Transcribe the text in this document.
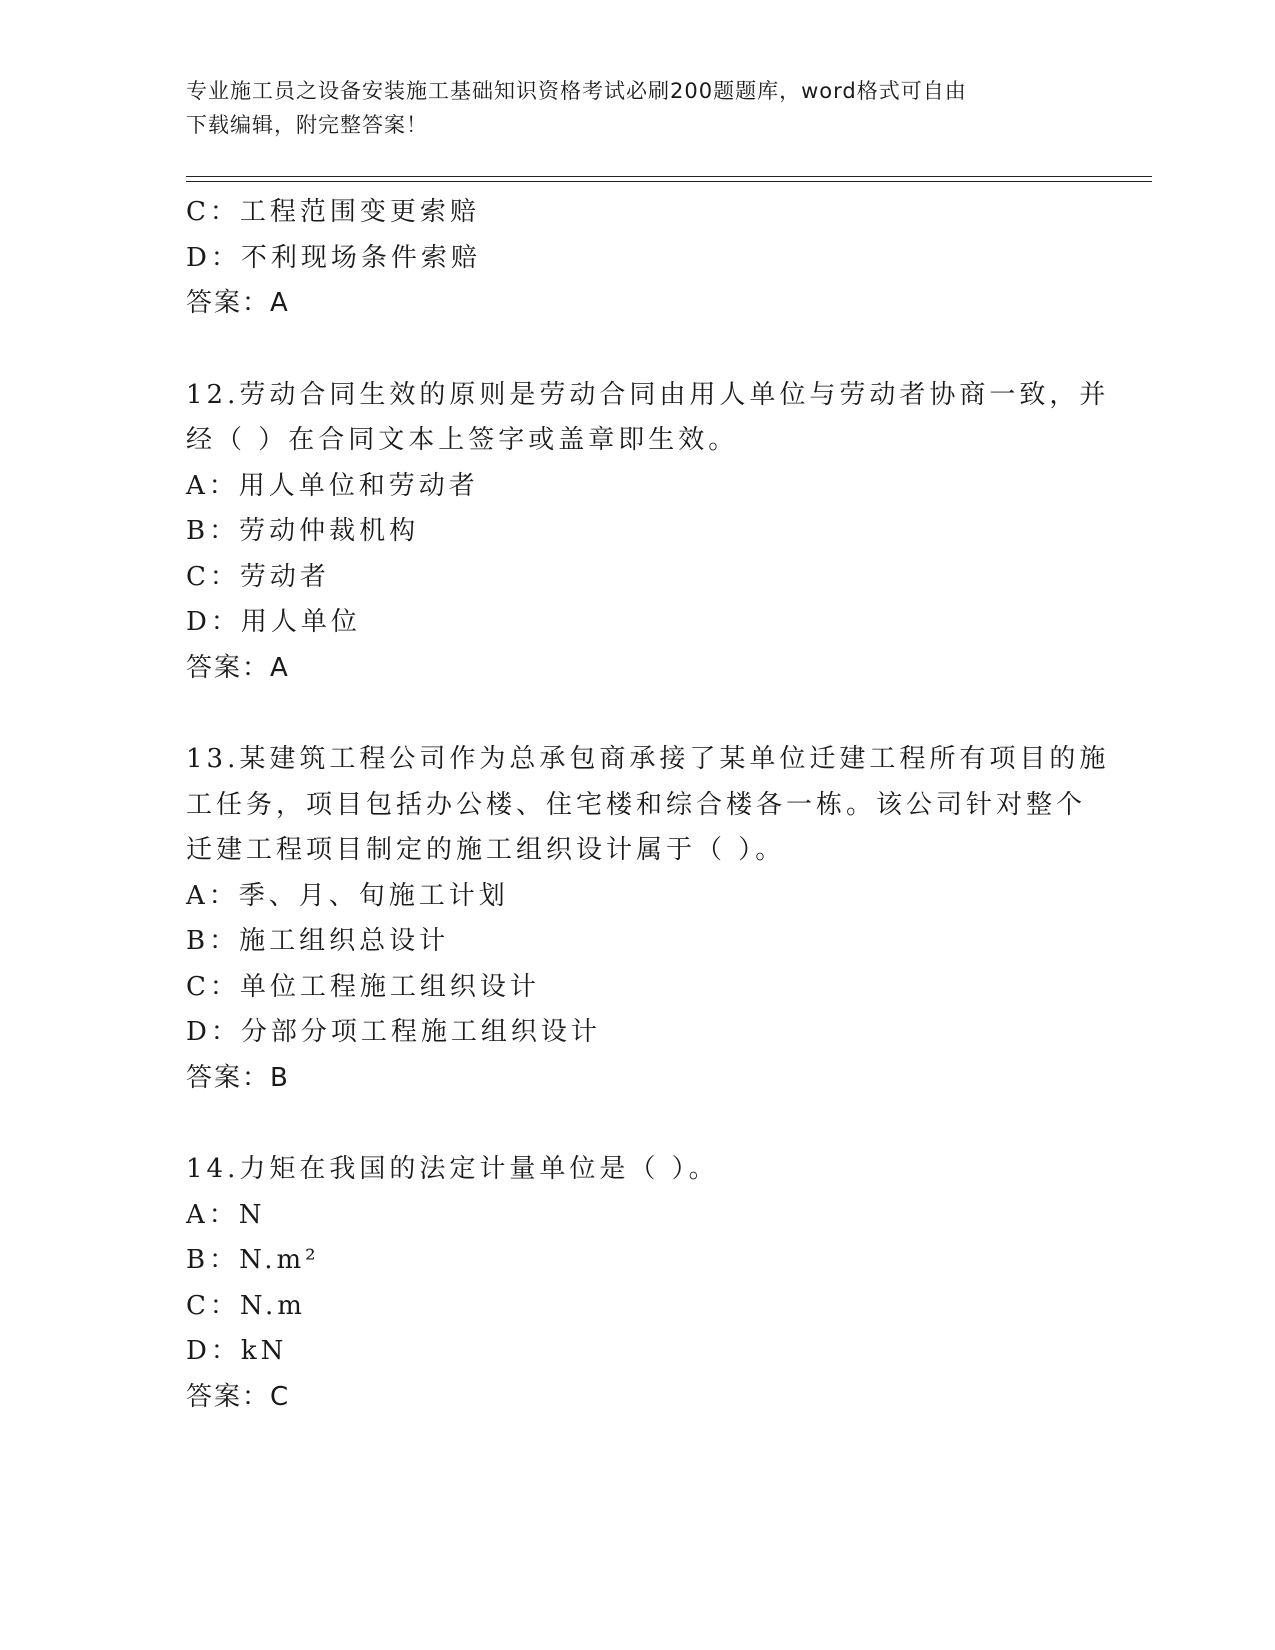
专业施工员之设备安装施工基础知识资格考试必刷200题题库，word格式可自由
下载编辑，附完整答案！
C：工程范围变更索赔
D：不利现场条件索赔
答案：A
12.劳动合同生效的原则是劳动合同由用人单位与劳动者协商一致，并
经（ ）在合同文本上签字或盖章即生效。
A：用人单位和劳动者
B：劳动仲裁机构
C：劳动者
D：用人单位
答案：A
13.某建筑工程公司作为总承包商承接了某单位迁建工程所有项目的施
工任务，项目包括办公楼、住宅楼和综合楼各一栋。该公司针对整个
迁建工程项目制定的施工组织设计属于（ ）。
A：季、月、旬施工计划
B：施工组织总设计
C：单位工程施工组织设计
D：分部分项工程施工组织设计
答案：B
14.力矩在我国的法定计量单位是（ ）。
A：N
B：N.m²
C：N.m
D：kN
答案：C
